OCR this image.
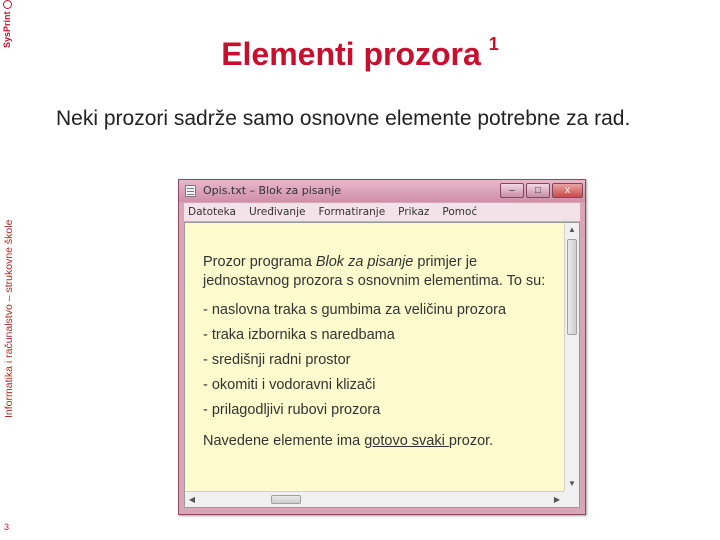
SysPrint
Informatika i računalstvo – strukovne škole
3
Elementi prozora $^1$
Neki prozori sadrže samo osnovne elemente potrebne za rad.
Opis.txt – Blok za pisanje	–	□	x
Datoteka Uređivanje Formatiranje Prikaz Pomoć

Prozor programa Blok za pisanje primjer je jednostavnog prozora s osnovnim elementima. To su:

- naslovna traka s gumbima za veličinu prozora

- traka izbornika s naredbama

- središnji radni prostor

- okomiti i vodoravni klizači

- prilagodljivi rubovi prozora

Navedene elemente ima gotovo svaki prozor.

▲
▼
◀	▶
